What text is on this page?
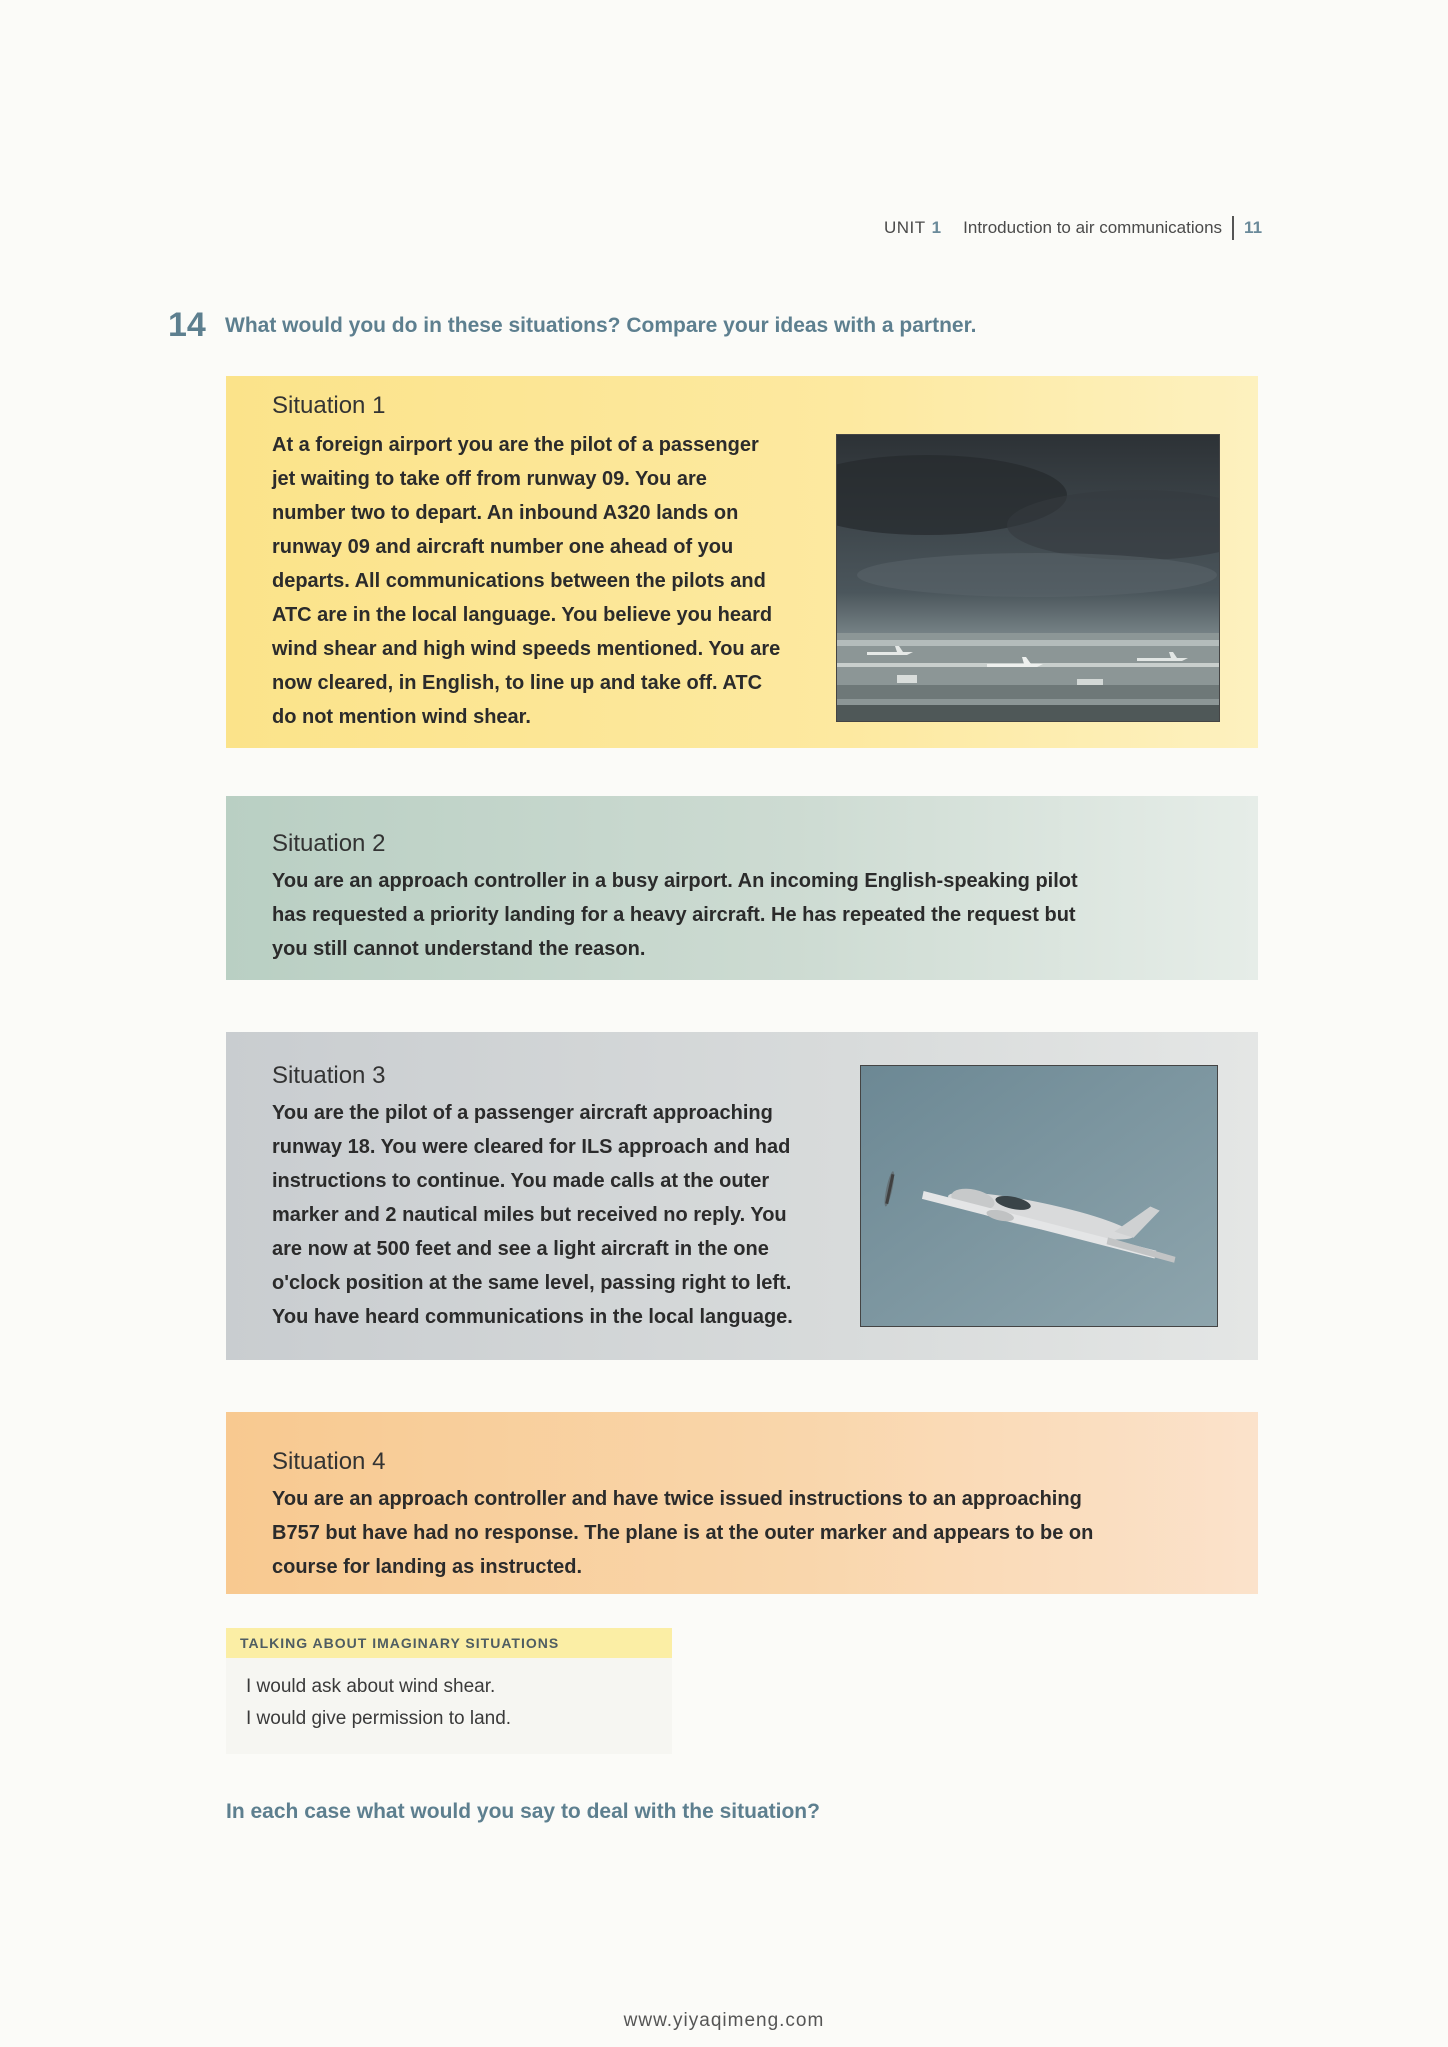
UNIT 1 Introduction to air communications 11
14 What would you do in these situations? Compare your ideas with a partner.
Situation 1
At a foreign airport you are the pilot of a passenger
jet waiting to take off from runway 09. You are
number two to depart. An inbound A320 lands on
runway 09 and aircraft number one ahead of you
departs. All communications between the pilots and
ATC are in the local language. You believe you heard
wind shear and high wind speeds mentioned. You are
now cleared, in English, to line up and take off. ATC
do not mention wind shear.
Situation 2
You are an approach controller in a busy airport. An incoming English-speaking pilot
has requested a priority landing for a heavy aircraft. He has repeated the request but
you still cannot understand the reason.
Situation 3
You are the pilot of a passenger aircraft approaching
runway 18. You were cleared for ILS approach and had
instructions to continue. You made calls at the outer
marker and 2 nautical miles but received no reply. You
are now at 500 feet and see a light aircraft in the one
o'clock position at the same level, passing right to left.
You have heard communications in the local language.
Situation 4
You are an approach controller and have twice issued instructions to an approaching
B757 but have had no response. The plane is at the outer marker and appears to be on
course for landing as instructed.
TALKING ABOUT IMAGINARY SITUATIONS
I would ask about wind shear.
I would give permission to land.
In each case what would you say to deal with the situation?
www.yiyaqimeng.com
